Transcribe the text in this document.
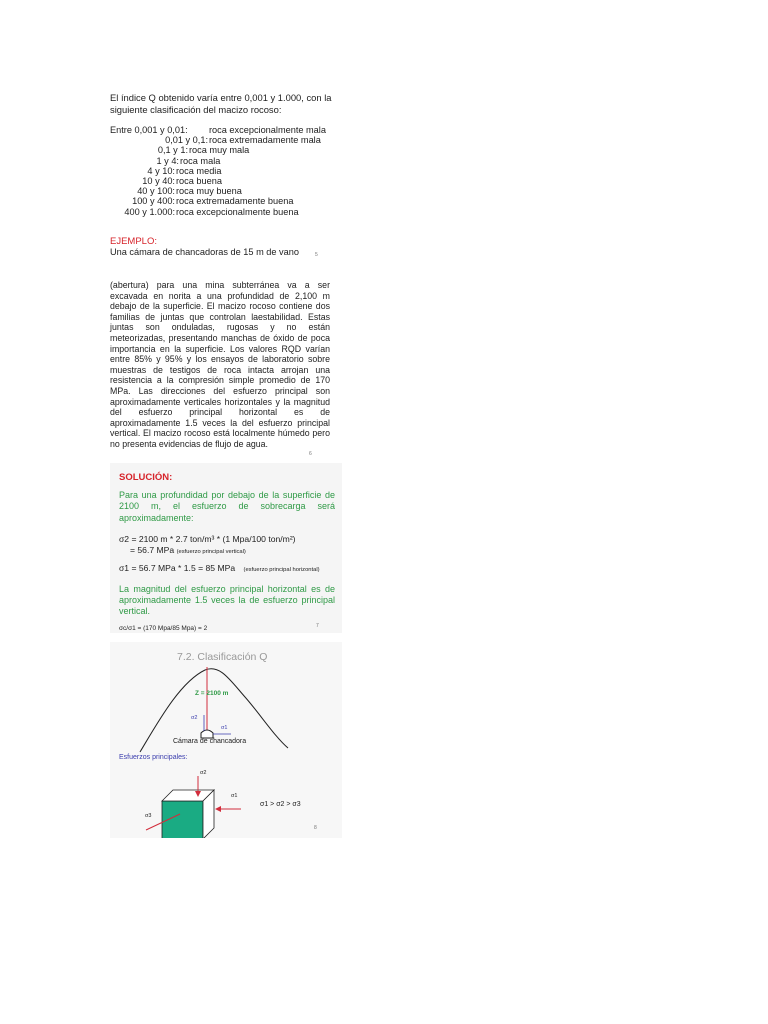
El índice Q obtenido varía entre 0,001 y 1.000, con la siguiente clasificación del macizo rocoso:

Entre 0,001 y 0,01: roca excepcionalmente mala
0,01 y 0,1: roca extremadamente mala
0,1 y 1: roca muy mala
1 y 4: roca mala
4 y 10: roca media
10 y 40: roca buena
40 y 100: roca muy buena
100 y 400: roca extremadamente buena
400 y 1.000: roca excepcionalmente buena
EJEMPLO:
Una cámara de chancadoras de 15 m de vano	5
(abertura) para una mina subterránea va a ser excavada en norita a una profundidad de 2,100 m debajo de la superficie. El macizo rocoso contiene dos familias de juntas que controlan laestabilidad. Estas juntas son onduladas, rugosas y no están meteorizadas, presentando manchas de óxido de poca importancia en la superficie. Los valores RQD varían entre 85% y 95% y los ensayos de laboratorio sobre muestras de testigos de roca intacta arrojan una resistencia a la compresión simple promedio de 170 MPa. Las direcciones del esfuerzo principal son aproximadamente verticales horizontales y la magnitud del esfuerzo principal horizontal es de aproximadamente 1.5 veces la del esfuerzo principal vertical. El macizo rocoso está localmente húmedo pero no presenta evidencias de flujo de agua.
6
SOLUCIÓN:
Para una profundidad por debajo de la superficie de 2100 m, el esfuerzo de sobrecarga será aproximadamente:
σ2 = 2100 m * 2.7 ton/m³ * (1 Mpa/100 ton/m²)
= 56.7 MPa (esfuerzo principal vertical)
σ1 = 56.7 MPa * 1.5 = 85 MPa (esfuerzo principal horizontal)
La magnitud del esfuerzo principal horizontal es de aproximadamente 1.5 veces la de esfuerzo principal vertical.
σc/σ1 = (170 Mpa/85 Mpa) = 2	7
7.2. Clasificación Q
Z = 2100 m
σ2
σ1
Cámara de chancadora
Esfuerzos principales:
σ2
σ1
σ3
σ1 > σ2 > σ3
8
